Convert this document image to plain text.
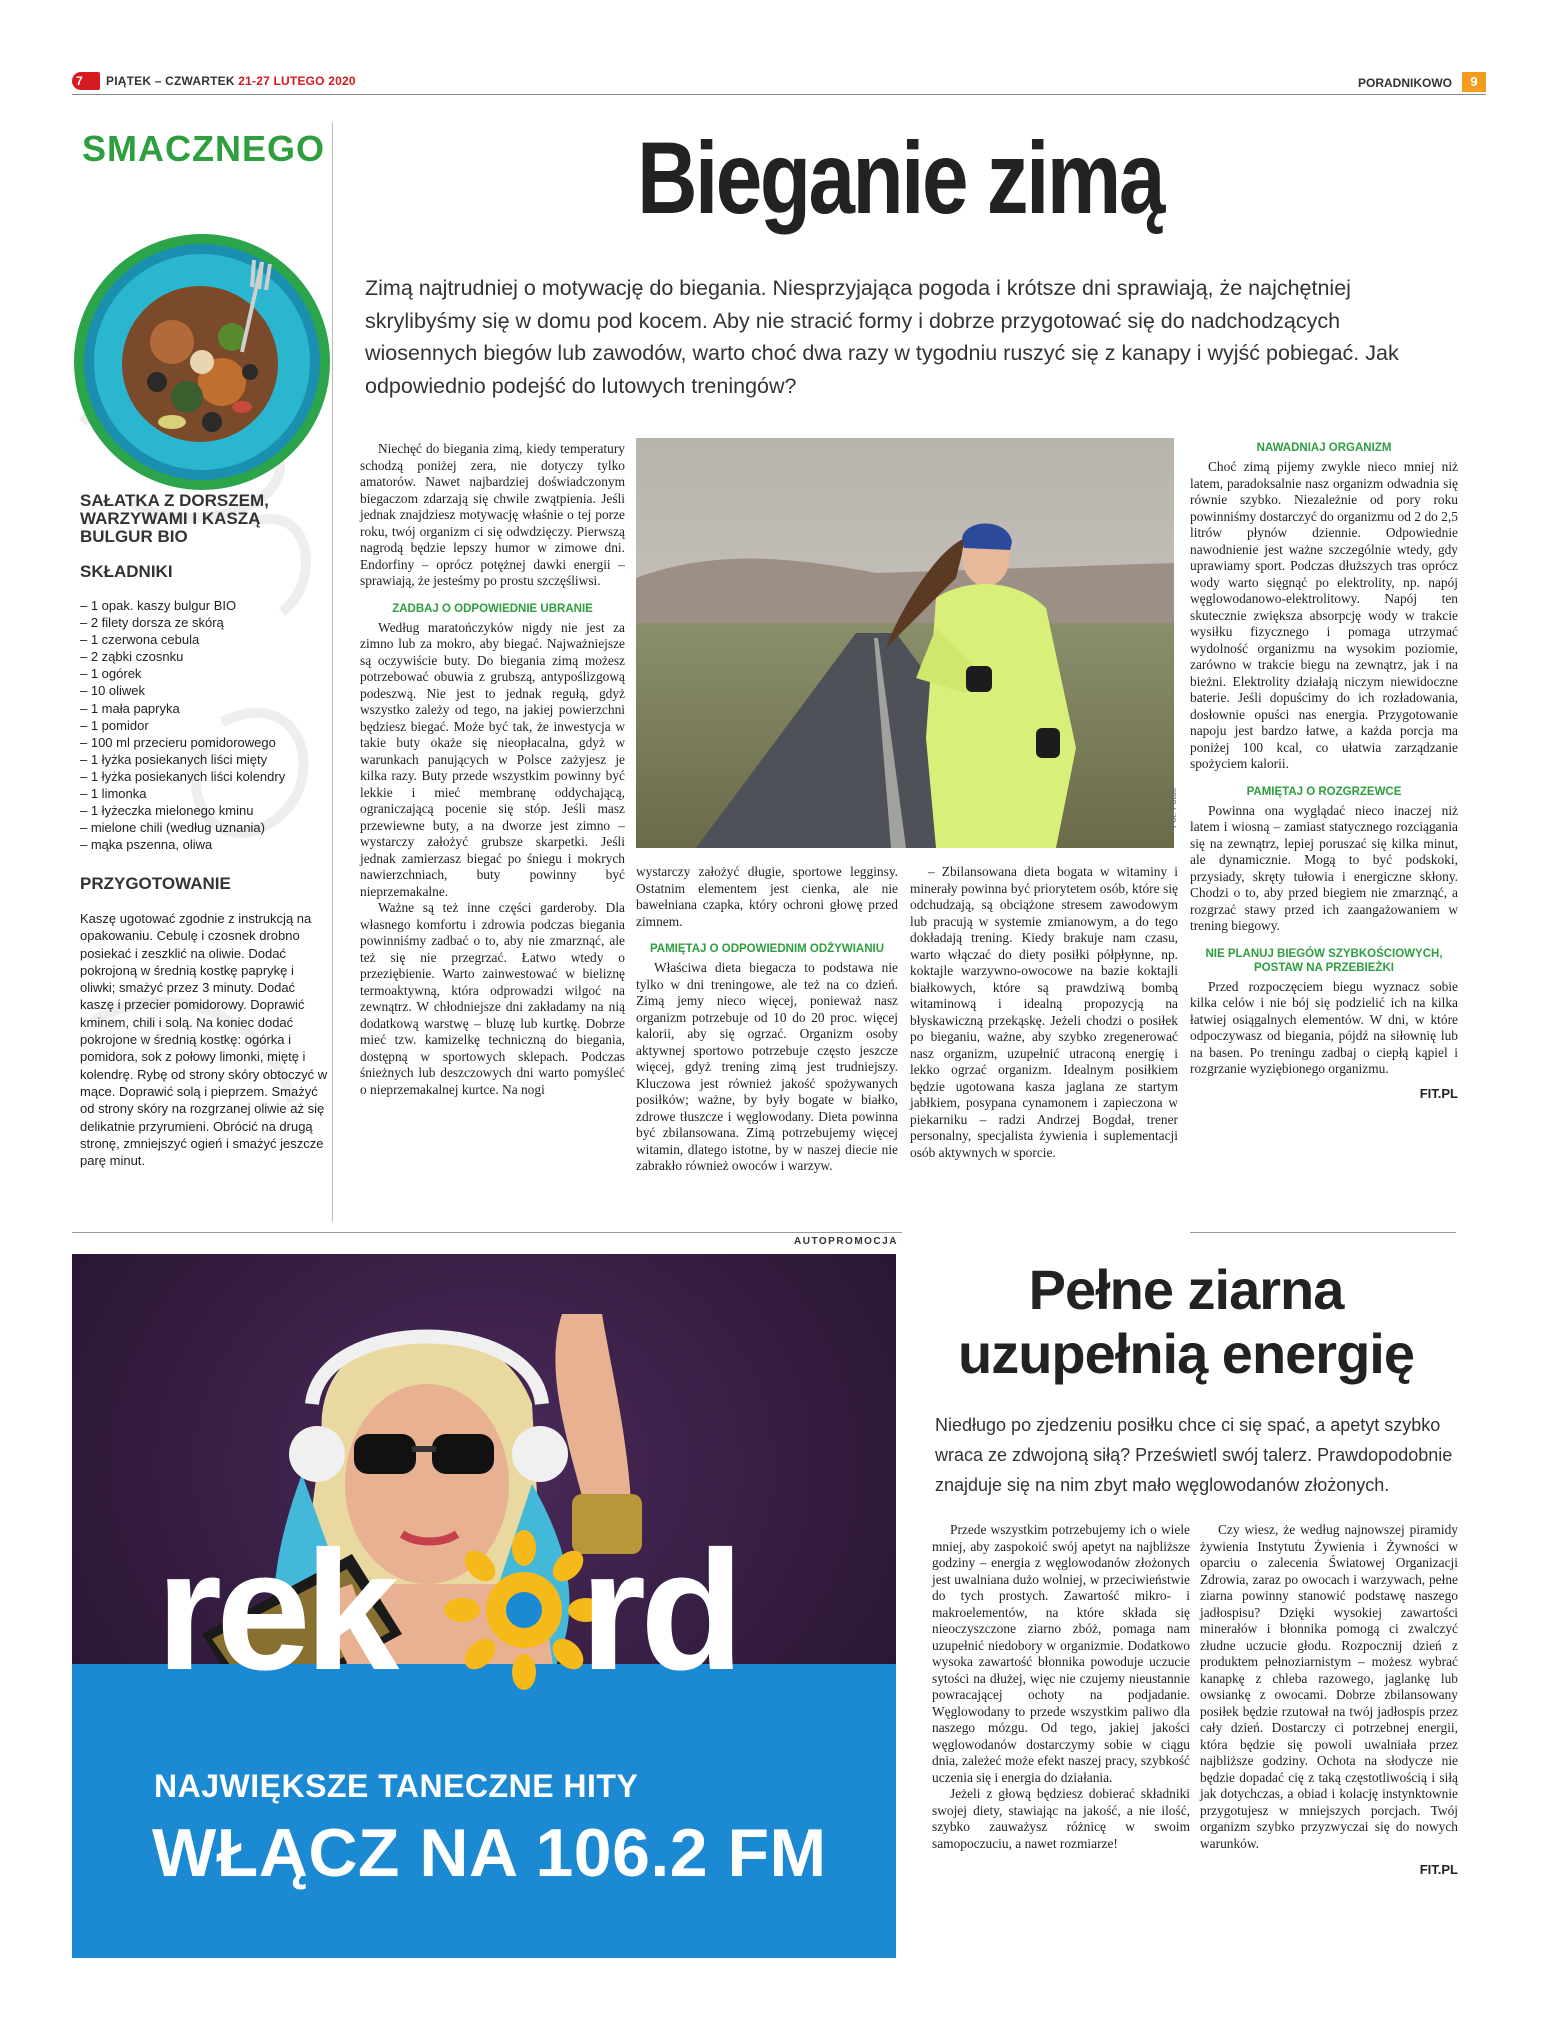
7	PIĄTEK – CZWARTEK 21-27 LUTEGO 2020	PORADNIKOWO	9
SMACZNEGO
SAŁATKA Z DORSZEM, WARZYWAMI I KASZĄ BULGUR BIO
SKŁADNIKI
– 1 opak. kaszy bulgur BIO
– 2 filety dorsza ze skórą
– 1 czerwona cebula
– 2 ząbki czosnku
– 1 ogórek
– 10 oliwek
– 1 mała papryka
– 1 pomidor
– 100 ml przecieru pomidorowego
– 1 łyżka posiekanych liści mięty
– 1 łyżka posiekanych liści kolendry
– 1 limonka
– 1 łyżeczka mielonego kminu
– mielone chili (według uznania)
– mąka pszenna, oliwa
PRZYGOTOWANIE
Kaszę ugotować zgodnie z instrukcją na opakowaniu. Cebulę i czosnek drobno posiekać i zeszklić na oliwie. Dodać pokrojoną w średnią kostkę paprykę i oliwki; smażyć przez 3 minuty. Dodać kaszę i przecier pomidorowy. Doprawić kminem, chili i solą. Na koniec dodać pokrojone w średnią kostkę: ogórka i pomidora, sok z połowy limonki, miętę i kolendrę. Rybę od strony skóry obtoczyć w mące. Doprawić solą i pieprzem. Smażyć od strony skóry na rozgrzanej oliwie aż się delikatnie przyrumieni. Obrócić na drugą stronę, zmniejszyć ogień i smażyć jeszcze parę minut.
Bieganie zimą
Zimą najtrudniej o motywację do biegania. Niesprzyjająca pogoda i krótsze dni sprawiają, że najchętniej skrylibyśmy się w domu pod kocem. Aby nie stracić formy i dobrze przygotować się do nadchodzących wiosennych biegów lub zawodów, warto choć dwa razy w tygodniu ruszyć się z kanapy i wyjść pobiegać. Jak odpowiednio podejść do lutowych treningów?

Niechęć do biegania zimą, kiedy temperatury schodzą poniżej zera, nie dotyczy tylko amatorów. Nawet najbardziej doświadczonym biegaczom zdarzają się chwile zwątpienia. Jeśli jednak znajdziesz motywację właśnie o tej porze roku, twój organizm ci się odwdzięczy. Pierwszą nagrodą będzie lepszy humor w zimowe dni. Endorfiny – oprócz potężnej dawki energii – sprawiają, że jesteśmy po prostu szczęśliwsi.

ZADBAJ O ODPOWIEDNIE UBRANIE

Według maratończyków nigdy nie jest za zimno lub za mokro, aby biegać. Najważniejsze są oczywiście buty. Do biegania zimą możesz potrzebować obuwia z grubszą, antypoślizgową podeszwą. Nie jest to jednak regułą, gdyż wszystko zależy od tego, na jakiej powierzchni będziesz biegać. Może być tak, że inwestycja w takie buty okaże się nieopłacalna, gdyż w warunkach panujących w Polsce zażyjesz je kilka razy. Buty przede wszystkim powinny być lekkie i mieć membranę oddychającą, ograniczającą pocenie się stóp. Jeśli masz przewiewne buty, a na dworze jest zimno – wystarczy założyć grubsze skarpetki. Jeśli jednak zamierzasz biegać po śniegu i mokrych nawierzchniach, buty powinny być nieprzemakalne.

Ważne są też inne części garderoby. Dla własnego komfortu i zdrowia podczas biegania powinniśmy zadbać o to, aby nie zmarznąć, ale też się nie przegrzać. Łatwo wtedy o przeziębienie. Warto zainwestować w bieliznę termoaktywną, która odprowadzi wilgoć na zewnątrz. W chłodniejsze dni zakładamy na nią dodatkową warstwę – bluzę lub kurtkę. Dobrze mieć tzw. kamizelkę techniczną do biegania, dostępną w sportowych sklepach. Podczas śnieżnych lub deszczowych dni warto pomyśleć o nieprzemakalnej kurtce. Na nogi

Fot. Fotoli

wystarczy założyć długie, sportowe legginsy. Ostatnim elementem jest cienka, ale nie bawełniana czapka, który ochroni głowę przed zimnem.

PAMIĘTAJ O ODPOWIEDNIM ODŻYWIANIU

Właściwa dieta biegacza to podstawa nie tylko w dni treningowe, ale też na co dzień. Zimą jemy nieco więcej, ponieważ nasz organizm potrzebuje od 10 do 20 proc. więcej kalorii, aby się ogrzać. Organizm osoby aktywnej sportowo potrzebuje często jeszcze więcej, gdyż trening zimą jest trudniejszy. Kluczowa jest również jakość spożywanych posiłków; ważne, by były bogate w białko, zdrowe tłuszcze i węglowodany. Dieta powinna być zbilansowana. Zimą potrzebujemy więcej witamin, dlatego istotne, by w naszej diecie nie zabrakło również owoców i warzyw.

– Zbilansowana dieta bogata w witaminy i minerały powinna być priorytetem osób, które się odchudzają, są obciążone stresem zawodowym lub pracują w systemie zmianowym, a do tego dokładają trening. Kiedy brakuje nam czasu, warto włączać do diety posiłki półpłynne, np. koktajle warzywno-owocowe na bazie koktajli białkowych, które są prawdziwą bombą witaminową i idealną propozycją na błyskawiczną przekąskę. Jeżeli chodzi o posiłek po bieganiu, ważne, aby szybko zregenerować nasz organizm, uzupełnić utraconą energię i lekko ogrzać organizm. Idealnym posiłkiem będzie ugotowana kasza jaglana ze startym jabłkiem, posypana cynamonem i zapieczona w piekarniku – radzi Andrzej Bogdał, trener personalny, specjalista żywienia i suplementacji osób aktywnych w sporcie.

NAWADNIAJ ORGANIZM

Choć zimą pijemy zwykle nieco mniej niż latem, paradoksalnie nasz organizm odwadnia się równie szybko. Niezależnie od pory roku powinniśmy dostarczyć do organizmu od 2 do 2,5 litrów płynów dziennie. Odpowiednie nawodnienie jest ważne szczególnie wtedy, gdy uprawiamy sport. Podczas dłuższych tras oprócz wody warto sięgnąć po elektrolity, np. napój węglowodanowo-elektrolitowy. Napój ten skutecznie zwiększa absorpcję wody w trakcie wysiłku fizycznego i pomaga utrzymać wydolność organizmu na wysokim poziomie, zarówno w trakcie biegu na zewnątrz, jak i na bieżni. Elektrolity działają niczym niewidoczne baterie. Jeśli dopuścimy do ich rozładowania, dosłownie opuści nas energia. Przygotowanie napoju jest bardzo łatwe, a każda porcja ma poniżej 100 kcal, co ułatwia zarządzanie spożyciem kalorii.

PAMIĘTAJ O ROZGRZEWCE

Powinna ona wyglądać nieco inaczej niż latem i wiosną – zamiast statycznego rozciągania się na zewnątrz, lepiej poruszać się kilka minut, ale dynamicznie. Mogą to być podskoki, przysiady, skręty tułowia i energiczne skłony. Chodzi o to, aby przed biegiem nie zmarznąć, a rozgrzać stawy przed ich zaangażowaniem w trening biegowy.

NIE PLANUJ BIEGÓW SZYBKOŚCIOWYCH, POSTAW NA PRZEBIEŻKI

Przed rozpoczęciem biegu wyznacz sobie kilka celów i nie bój się podzielić ich na kilka łatwiej osiągalnych elementów. W dni, w które odpoczywasz od biegania, pójdź na siłownię lub na basen. Po treningu zadbaj o ciepłą kąpiel i rozgrzanie wyziębionego organizmu.

FIT.PL
AUTOPROMOCJA
rek rd
NAJWIĘKSZE TANECZNE HITY
WŁĄCZ NA 106.2 FM
Pełne ziarna
uzupełnią energię
Niedługo po zjedzeniu posiłku chce ci się spać, a apetyt szybko wraca ze zdwojoną siłą? Prześwietl swój talerz. Prawdopodobnie znajduje się na nim zbyt mało węglowodanów złożonych.

Przede wszystkim potrzebujemy ich o wiele mniej, aby zaspokoić swój apetyt na najbliższe godziny – energia z węglowodanów złożonych jest uwalniana dużo wolniej, w przeciwieństwie do tych prostych. Zawartość mikro- i makroelementów, na które składa się nieoczyszczone ziarno zbóż, pomaga nam uzupełnić niedobory w organizmie. Dodatkowo wysoka zawartość błonnika powoduje uczucie sytości na dłużej, więc nie czujemy nieustannie powracającej ochoty na podjadanie. Węglowodany to przede wszystkim paliwo dla naszego mózgu. Od tego, jakiej jakości węglowodanów dostarczymy sobie w ciągu dnia, zależeć może efekt naszej pracy, szybkość uczenia się i energia do działania.

Jeżeli z głową będziesz dobierać składniki swojej diety, stawiając na jakość, a nie ilość, szybko zauważysz różnicę w swoim samopoczuciu, a nawet rozmiarze!

Czy wiesz, że według najnowszej piramidy żywienia Instytutu Żywienia i Żywności w oparciu o zalecenia Światowej Organizacji Zdrowia, zaraz po owocach i warzywach, pełne ziarna powinny stanowić podstawę naszego jadłospisu? Dzięki wysokiej zawartości minerałów i błonnika pomogą ci zwalczyć złudne uczucie głodu. Rozpocznij dzień z produktem pełnoziarnistym – możesz wybrać kanapkę z chleba razowego, jaglankę lub owsiankę z owocami. Dobrze zbilansowany posiłek będzie rzutował na twój jadłospis przez cały dzień. Dostarczy ci potrzebnej energii, która będzie się powoli uwalniała przez najbliższe godziny. Ochota na słodycze nie będzie dopadać cię z taką częstotliwością i siłą jak dotychczas, a obiad i kolację instynktownie przygotujesz w mniejszych porcjach. Twój organizm szybko przyzwyczai się do nowych warunków.

FIT.PL
